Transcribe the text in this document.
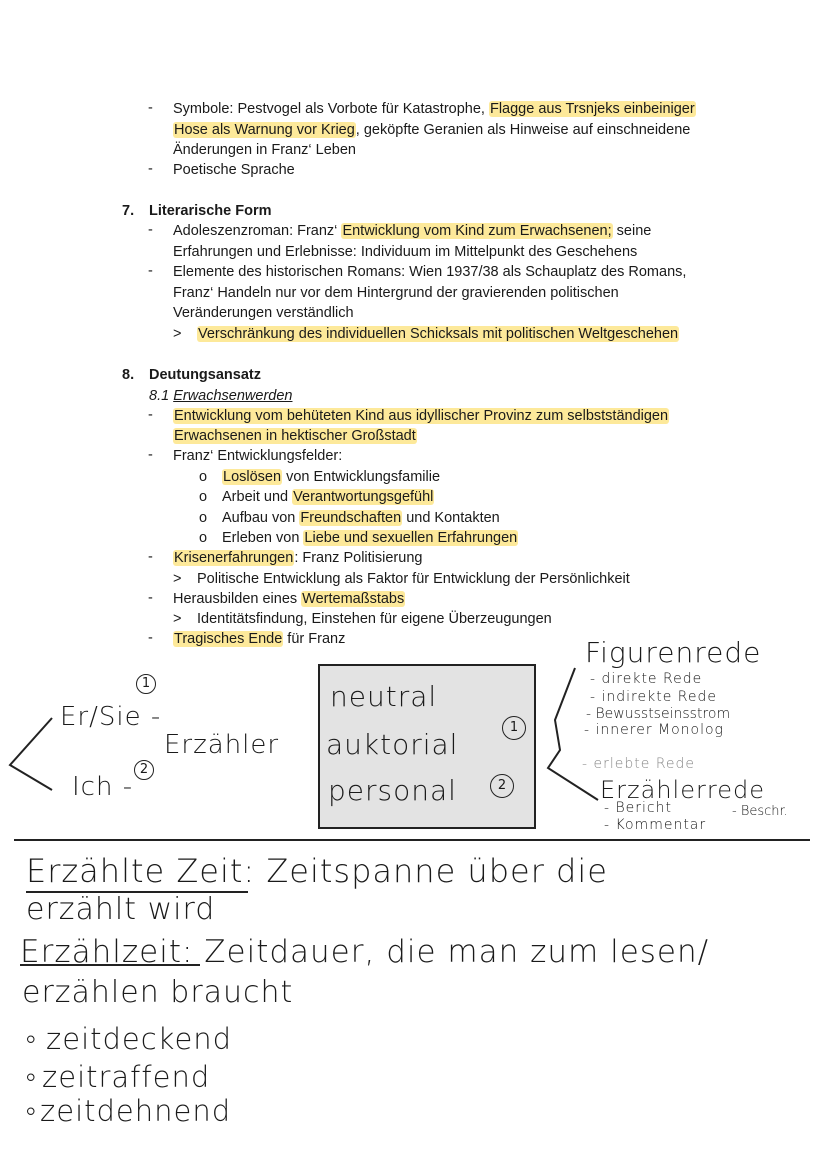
- Symbole: Pestvogel als Vorbote für Katastrophe, Flagge aus Trsnjeks einbeiniger
Hose als Warnung vor Krieg, geköpfte Geranien als Hinweise auf einschneidene
Änderungen in Franz‘ Leben
- Poetische Sprache
7. Literarische Form
- Adoleszenzroman: Franz‘ Entwicklung vom Kind zum Erwachsenen; seine
Erfahrungen und Erlebnisse: Individuum im Mittelpunkt des Geschehens
- Elemente des historischen Romans: Wien 1937/38 als Schauplatz des Romans,
Franz‘ Handeln nur vor dem Hintergrund der gravierenden politischen
Veränderungen verständlich
> Verschränkung des individuellen Schicksals mit politischen Weltgeschehen
8. Deutungsansatz
8.1 Erwachsenwerden
- Entwicklung vom behüteten Kind aus idyllischer Provinz zum selbstständigen
Erwachsenen in hektischer Großstadt
- Franz‘ Entwicklungsfelder:
o Loslösen von Entwicklungsfamilie
o Arbeit und Verantwortungsgefühl
o Aufbau von Freundschaften und Kontakten
o Erleben von Liebe und sexuellen Erfahrungen
- Krisenerfahrungen: Franz Politisierung
> Politische Entwicklung als Faktor für Entwicklung der Persönlichkeit
- Herausbilden eines Wertemaßstabs
> Identitätsfindung, Einstehen für eigene Überzeugungen
- Tragisches Ende für Franz
Er/Sie -
1
Ich -
2
Erzähler
neutral
auktorial
1
personal	2
Figurenrede
- direkte Rede
- indirekte Rede
- Bewusstseinsstrom
- innerer Monolog
- erlebte Rede
Erzählerrede
- Bericht	- Beschr.
- Kommentar
Erzählte Zeit: Zeitspanne über die
erzählt wird
Erzählzeit: Zeitdauer, die man zum lesen/
erzählen braucht
∘ zeitdeckend
∘ zeitraffend
∘ zeitdehnend
